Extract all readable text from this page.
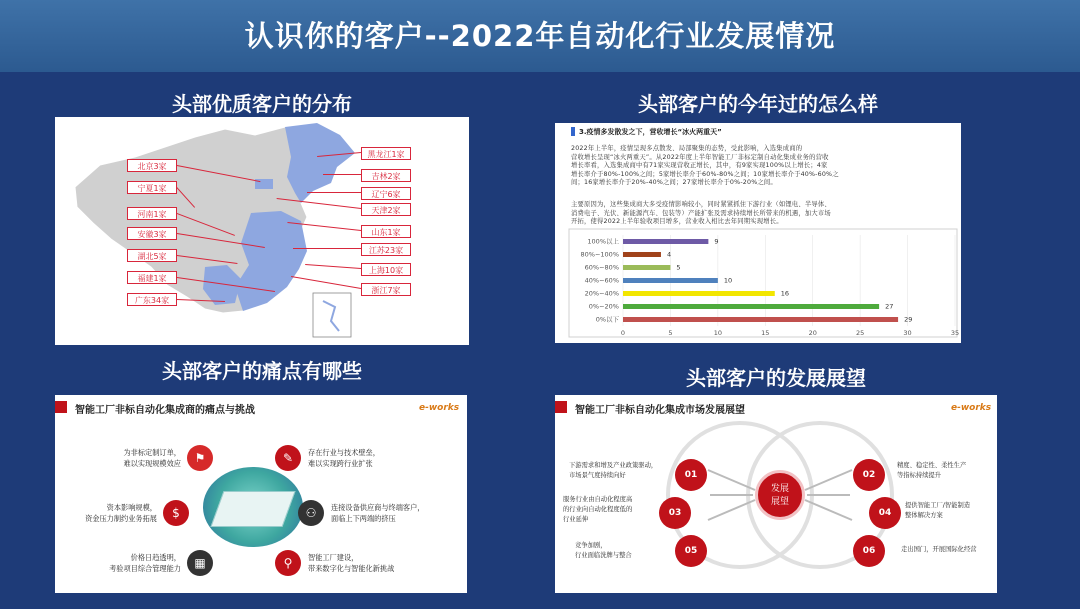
认识你的客户--2022年自动化行业发展情况
头部优质客户的分布	头部客户的今年过的怎么样
头部客户的痛点有哪些	头部客户的发展展望
北京3家
宁夏1家
河南1家
安徽3家
湖北5家
福建1家
广东34家
黑龙江1家
吉林2家
辽宁6家
天津2家
山东1家
江苏23家
上海10家
浙江7家
3.疫情多发散发之下，营收增长“冰火两重天”
2022年上半年，疫情呈现多点散发、局部聚集的态势，受此影响，入选集成商的
营收增长呈现“冰火两重天”。从2022年度上半年智能工厂非标定制自动化集成业务的营收
增长率看，入选集成商中有71家实现营收正增长，其中，有9家实现100%以上增长；4家
增长率介于80%-100%之间；5家增长率介于60%-80%之间；10家增长率介于40%-60%之
间；16家增长率介于20%-40%之间；27家增长率介于0%-20%之间。
主要原因为，这些集成商大多受疫情影响较小，同时紧紧抓住下游行业（如锂电、半导体、
消费电子、光伏、新能源汽车、包装等）产能扩张及需求持续增长所带来的机遇，加大市场
开拓，使得2022上半年验收项目增多，营业收入相比去年同期实现增长。
0	5	10	15	20	25	30	35
100%以上	9
80%~100%	4
60%~80%	5
40%~60%	10
20%~40%	16
0%~20%	27
0%以下	29
智能工厂非标自动化集成商的痛点与挑战	e-works
⚑
为非标定制订单，
难以实现规模效应
$
资本影响规模，
资金压力制约业务拓展
▦
价格日趋透明，
考验项目综合管理能力
✎	存在行业与技术壁垒，
难以实现跨行业扩张
⚇	连接设备供应商与终端客户，
面临上下两端的挤压
⚲	智能工厂建设，
带来数字化与智能化新挑战
智能工厂非标自动化集成市场发展展望	e-works
发展
展望
01
下游需求和增及产业政策驱动，
市场景气度持续向好	02
精度、稳定性、柔性生产
等指标持续提升
03
服务行业由自动化程度高
的行业向自动化程度低的
行业延伸
04
提供智能工厂/智能制造
整体解决方案
05
竞争加剧，
行业面临洗牌与整合	06	走出国门，开展国际化经营
